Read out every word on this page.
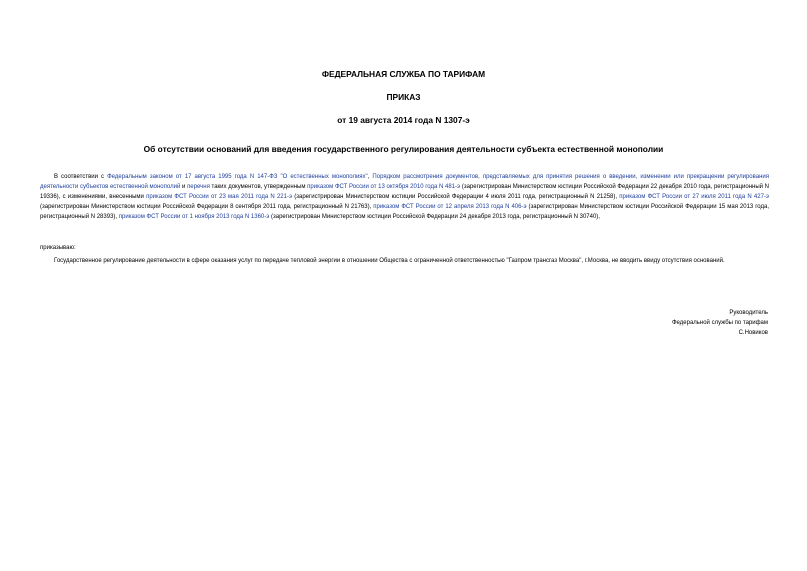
ФЕДЕРАЛЬНАЯ СЛУЖБА ПО ТАРИФАМ
ПРИКАЗ
от 19 августа 2014 года N 1307-э
Об отсутствии оснований для введения государственного регулирования деятельности субъекта естественной монополии
В соответствии с Федеральным законом от 17 августа 1995 года N 147-ФЗ "О естественных монополиях", Порядком рассмотрения документов, представляемых для принятия решения о введении, изменении или прекращении регулирования деятельности субъектов естественной монополий и перечня таких документов, утвержденным приказом ФСТ России от 13 октября 2010 года N 481-э (зарегистрирован Министерством юстиции Российской Федерации 22 декабря 2010 года, регистрационный N 19336), с изменениями, внесенными приказом ФСТ России от 23 мая 2011 года N 221-э (зарегистрирован Министерством юстиции Российской Федерации 4 июля 2011 года, регистрационный N 21258), приказом ФСТ России от 27 июля 2011 года N 427-э (зарегистрирован Министерством юстиции Российской Федерации 8 сентября 2011 года, регистрационный N 21763), приказом ФСТ России от 12 апреля 2013 года N 406-э (зарегистрирован Министерством юстиции Российской Федерации 15 мая 2013 года, регистрационный N 28393), приказом ФСТ России от 1 ноября 2013 года N 1360-э (зарегистрирован Министерством юстиции Российской Федерации 24 декабря 2013 года, регистрационный N 30740),
приказываю:
Государственное регулирование деятельности в сфере оказания услуг по передаче тепловой энергии в отношении Общества с ограниченной ответственностью "Газпром трансгаз Москва", г.Москва, не вводить ввиду отсутствия оснований.
Руководитель
Федеральной службы по тарифам
С.Новиков
